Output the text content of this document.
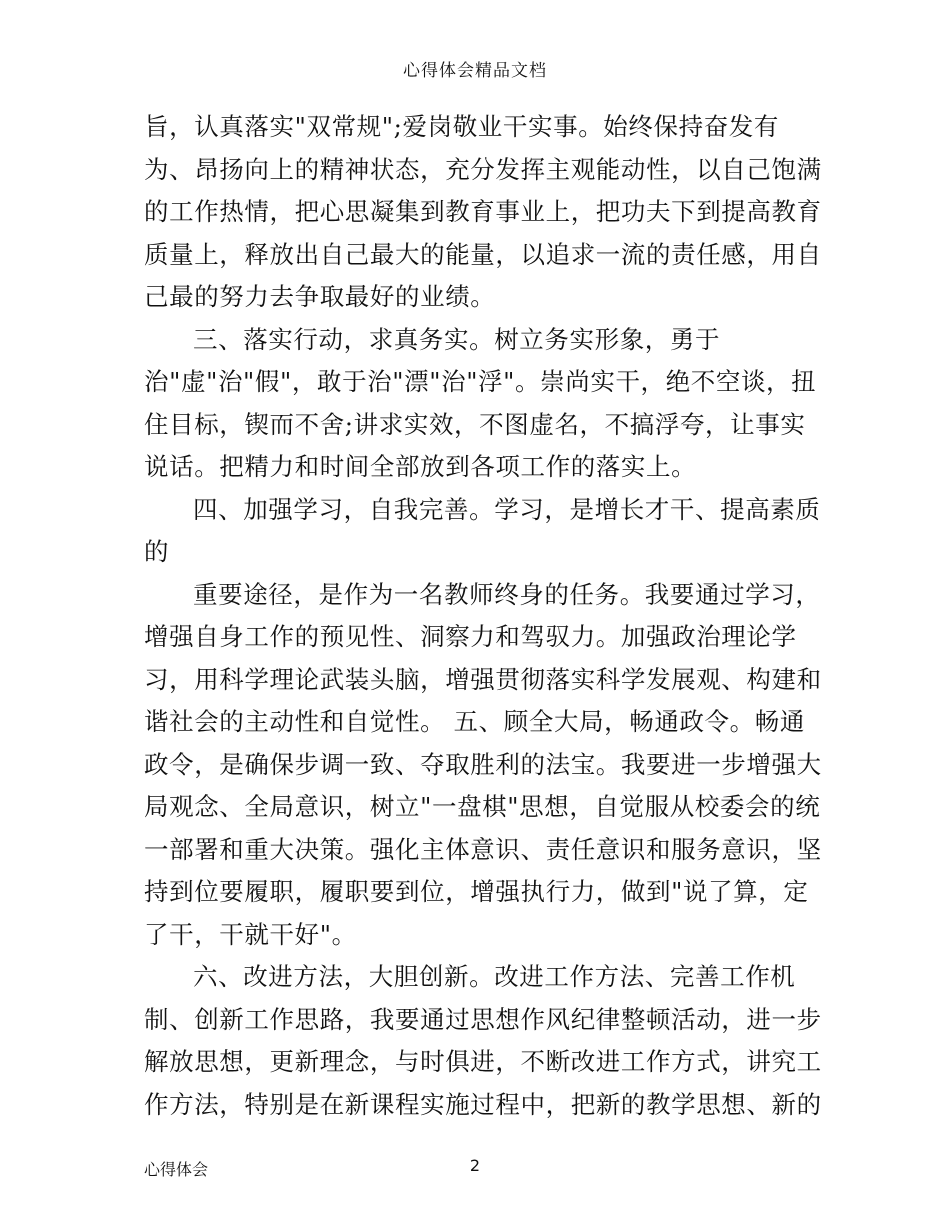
心得体会精品文档
旨，认真落实"双常规";爱岗敬业干实事。始终保持奋发有
为、昂扬向上的精神状态，充分发挥主观能动性，以自己饱满
的工作热情，把心思凝集到教育事业上，把功夫下到提高教育
质量上，释放出自己最大的能量，以追求一流的责任感，用自
己最的努力去争取最好的业绩。
三、落实行动，求真务实。树立务实形象，勇于
治"虚"治"假"，敢于治"漂"治"浮"。崇尚实干，绝不空谈，扭
住目标，锲而不舍;讲求实效，不图虚名，不搞浮夸，让事实
说话。把精力和时间全部放到各项工作的落实上。
四、加强学习，自我完善。学习，是增长才干、提高素质
的
重要途径，是作为一名教师终身的任务。我要通过学习，
增强自身工作的预见性、洞察力和驾驭力。加强政治理论学
习，用科学理论武装头脑，增强贯彻落实科学发展观、构建和
谐社会的主动性和自觉性。 五、顾全大局，畅通政令。畅通
政令，是确保步调一致、夺取胜利的法宝。我要进一步增强大
局观念、全局意识，树立"一盘棋"思想，自觉服从校委会的统
一部署和重大决策。强化主体意识、责任意识和服务意识，坚
持到位要履职，履职要到位，增强执行力，做到"说了算，定
了干，干就干好"。
六、改进方法，大胆创新。改进工作方法、完善工作机
制、创新工作思路，我要通过思想作风纪律整顿活动，进一步
解放思想，更新理念，与时俱进，不断改进工作方式，讲究工
作方法，特别是在新课程实施过程中，把新的教学思想、新的
心得体会	2
